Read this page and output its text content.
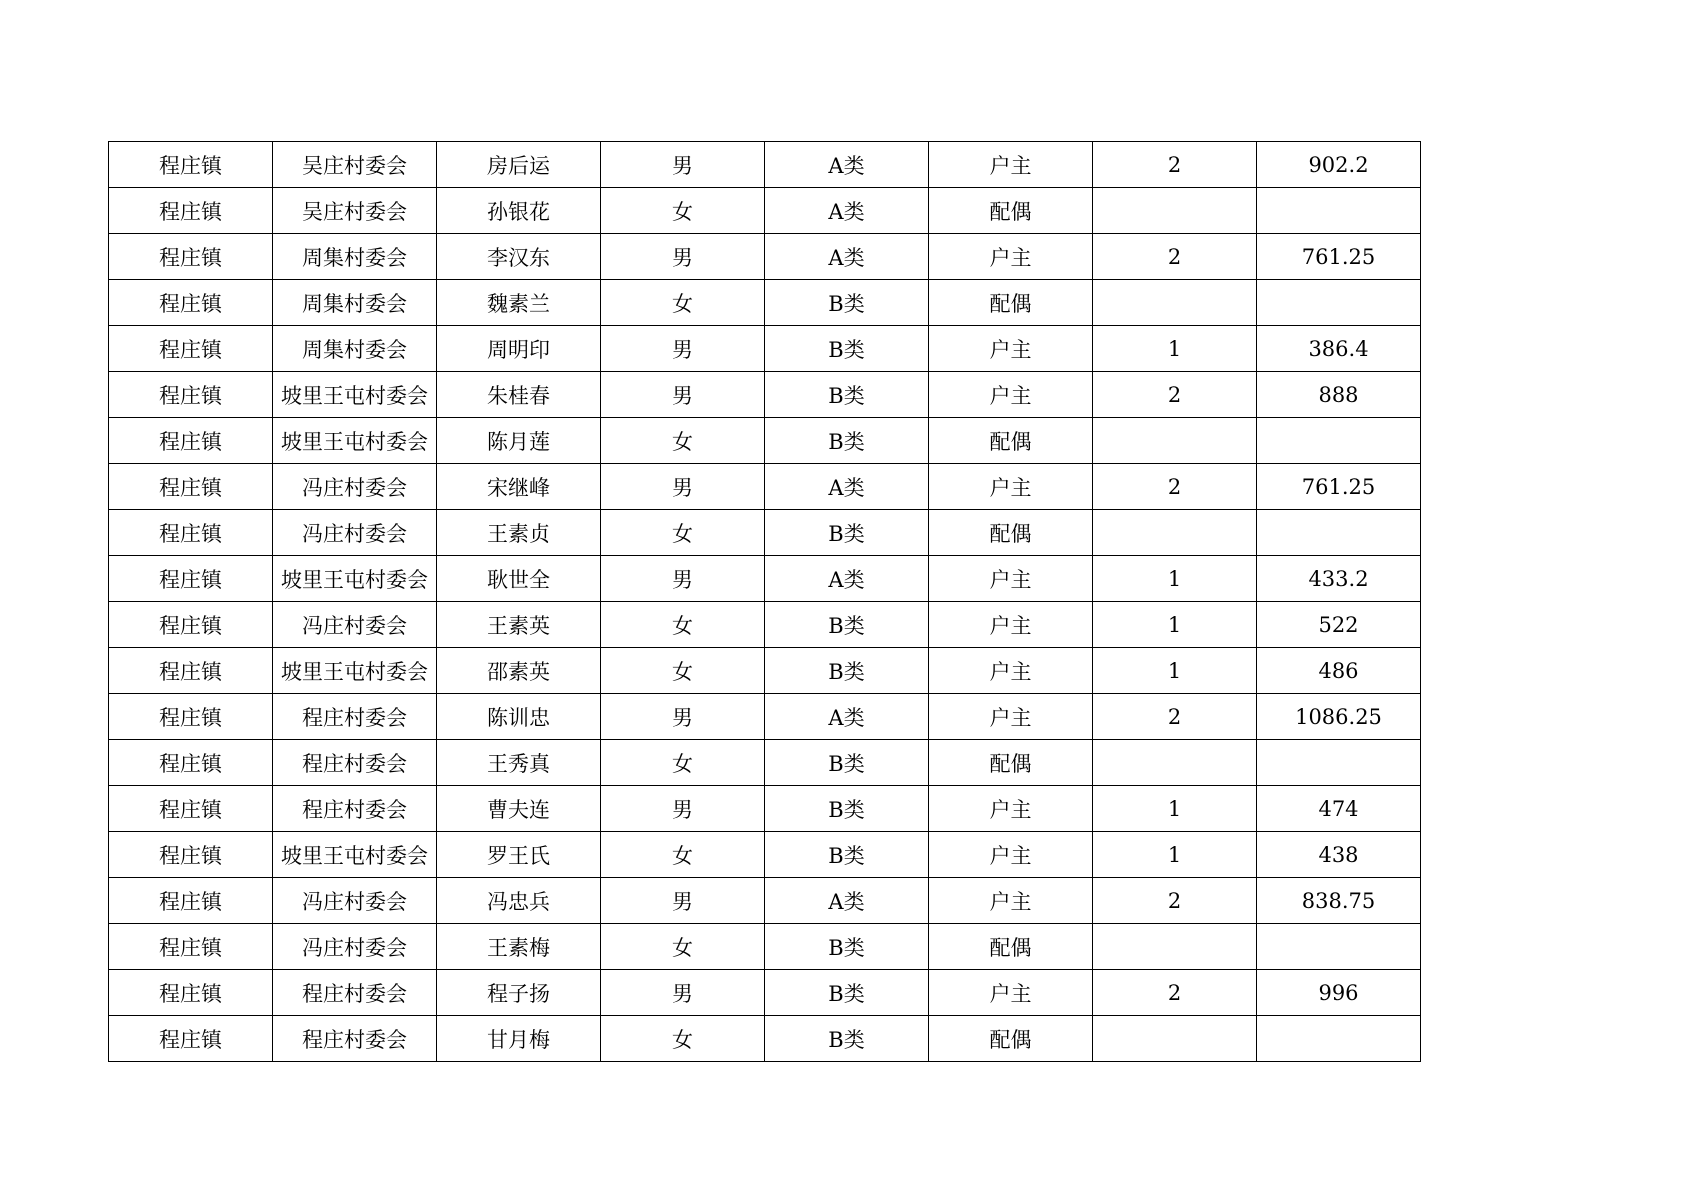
程庄镇	吴庄村委会	房后运	男	A类	户主	2	902.2
程庄镇	吴庄村委会	孙银花	女	A类	配偶		
程庄镇	周集村委会	李汉东	男	A类	户主	2	761.25
程庄镇	周集村委会	魏素兰	女	B类	配偶		
程庄镇	周集村委会	周明印	男	B类	户主	1	386.4
程庄镇	坡里王屯村委会	朱桂春	男	B类	户主	2	888
程庄镇	坡里王屯村委会	陈月莲	女	B类	配偶		
程庄镇	冯庄村委会	宋继峰	男	A类	户主	2	761.25
程庄镇	冯庄村委会	王素贞	女	B类	配偶		
程庄镇	坡里王屯村委会	耿世全	男	A类	户主	1	433.2
程庄镇	冯庄村委会	王素英	女	B类	户主	1	522
程庄镇	坡里王屯村委会	邵素英	女	B类	户主	1	486
程庄镇	程庄村委会	陈训忠	男	A类	户主	2	1086.25
程庄镇	程庄村委会	王秀真	女	B类	配偶		
程庄镇	程庄村委会	曹夫连	男	B类	户主	1	474
程庄镇	坡里王屯村委会	罗王氏	女	B类	户主	1	438
程庄镇	冯庄村委会	冯忠兵	男	A类	户主	2	838.75
程庄镇	冯庄村委会	王素梅	女	B类	配偶		
程庄镇	程庄村委会	程子扬	男	B类	户主	2	996
程庄镇	程庄村委会	甘月梅	女	B类	配偶		
